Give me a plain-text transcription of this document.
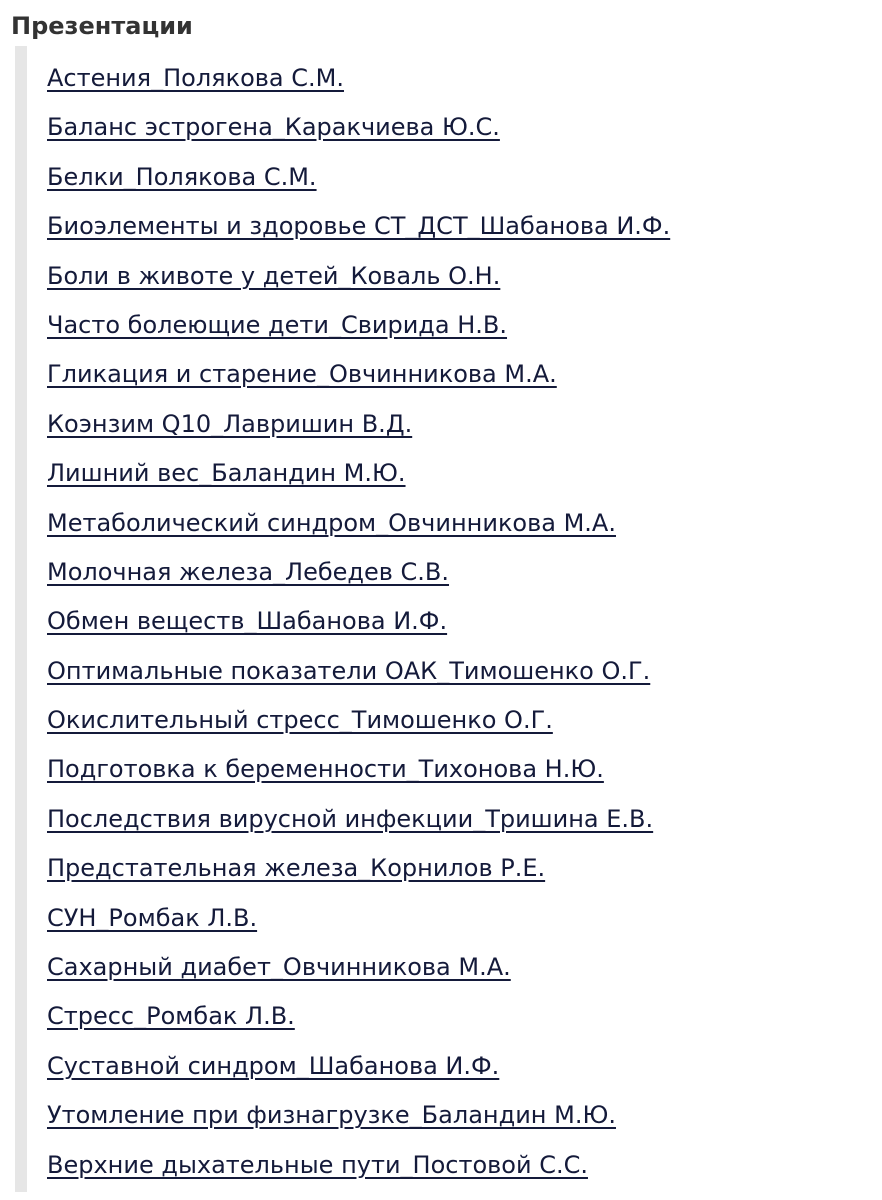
Презентации
Астения_Полякова С.М.
Баланс эстрогена_Каракчиева Ю.С.
Белки_Полякова С.М.
Биоэлементы и здоровье СТ_ДСТ_Шабанова И.Ф.
Боли в животе у детей_Коваль О.Н.
Часто болеющие дети_Свирида Н.В.
Гликация и старение_Овчинникова М.А.
Коэнзим Q10_Лавришин В.Д.
Лишний вес_Баландин М.Ю.
Метаболический синдром_Овчинникова М.А.
Молочная железа_Лебедев С.В.
Обмен веществ_Шабанова И.Ф.
Оптимальные показатели ОАК_Тимошенко О.Г.
Окислительный стресс_Тимошенко О.Г.
Подготовка к беременности_Тихонова Н.Ю.
Последствия вирусной инфекции_Тришина Е.В.
Предстательная железа_Корнилов Р.Е.
СУН_Ромбак Л.В.
Сахарный диабет_Овчинникова М.А.
Стресс_Ромбак Л.В.
Суставной синдром_Шабанова И.Ф.
Утомление при физнагрузке_Баландин М.Ю.
Верхние дыхательные пути_Постовой С.С.
